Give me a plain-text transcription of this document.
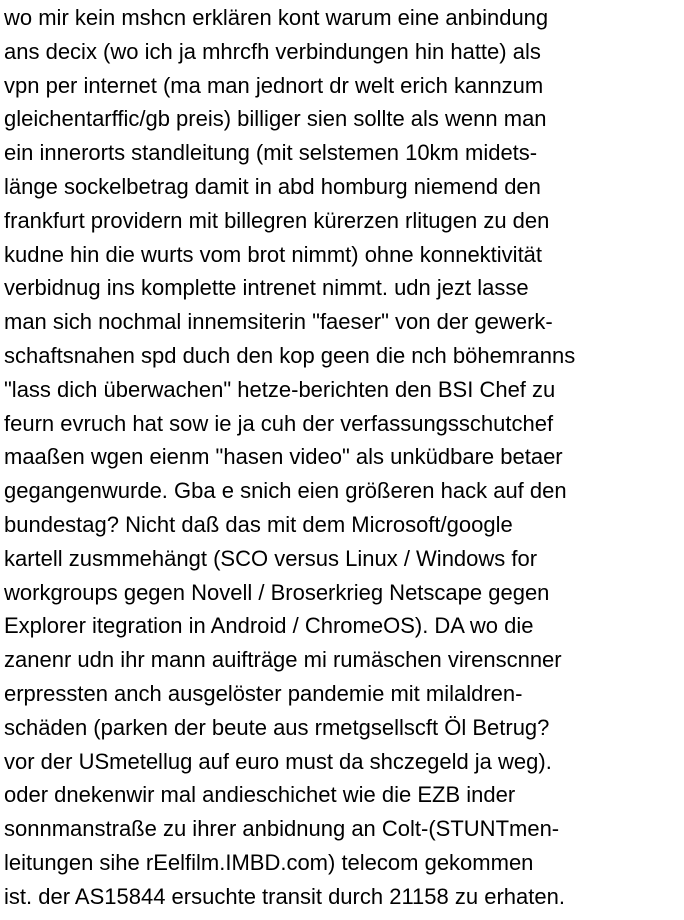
wo mir kein mshcn erklären kont warum eine anbindung

ans decix (wo ich ja mhrcfh verbindungen hin hatte) als

vpn per internet (ma man jednort dr welt erich kannzum

gleichentarffic/gb preis) billiger sien sollte als wenn man

ein innerorts standleitung (mit selstemen 10km midets-

länge sockelbetrag damit in abd homburg niemend den

frankfurt providern mit billegren kürerzen rlitugen zu den

kudne hin die wurts vom brot nimmt) ohne konnektivität

verbidnug ins komplette intrenet nimmt. udn jezt lasse

man sich nochmal innemsiterin "faeser" von der gewerk-

schaftsnahen spd duch den kop geen die nch böhemranns

"lass dich überwachen" hetze-berichten den BSI Chef zu

feurn evruch hat sow ie ja cuh der verfassungsschutchef

maaßen wgen eienm "hasen video" als unküdbare betaer

gegangenwurde. Gba e snich eien größeren hack auf den

bundestag? Nicht daß das mit dem Microsoft/google

kartell zusmmehängt (SCO versus Linux / Windows for

workgroups gegen Novell / Broserkrieg Netscape gegen

Explorer itegration in Android / ChromeOS). DA wo die

zanenr udn ihr mann auifträge mi rumäschen virenscnner

erpressten anch ausgelöster pandemie mit milaldren-

schäden (parken der beute aus rmetgsellscft Öl Betrug?

vor der USmetellug auf euro must da shczegeld ja weg).

oder dnekenwir mal andieschichet wie die EZB inder

sonnmanstraße zu ihrer anbidnung an Colt-(STUNTmen-

leitungen sihe rEelfilm.IMBD.com) telecom gekommen

ist. der AS15844 ersuchte transit durch 21158 zu erhaten.
